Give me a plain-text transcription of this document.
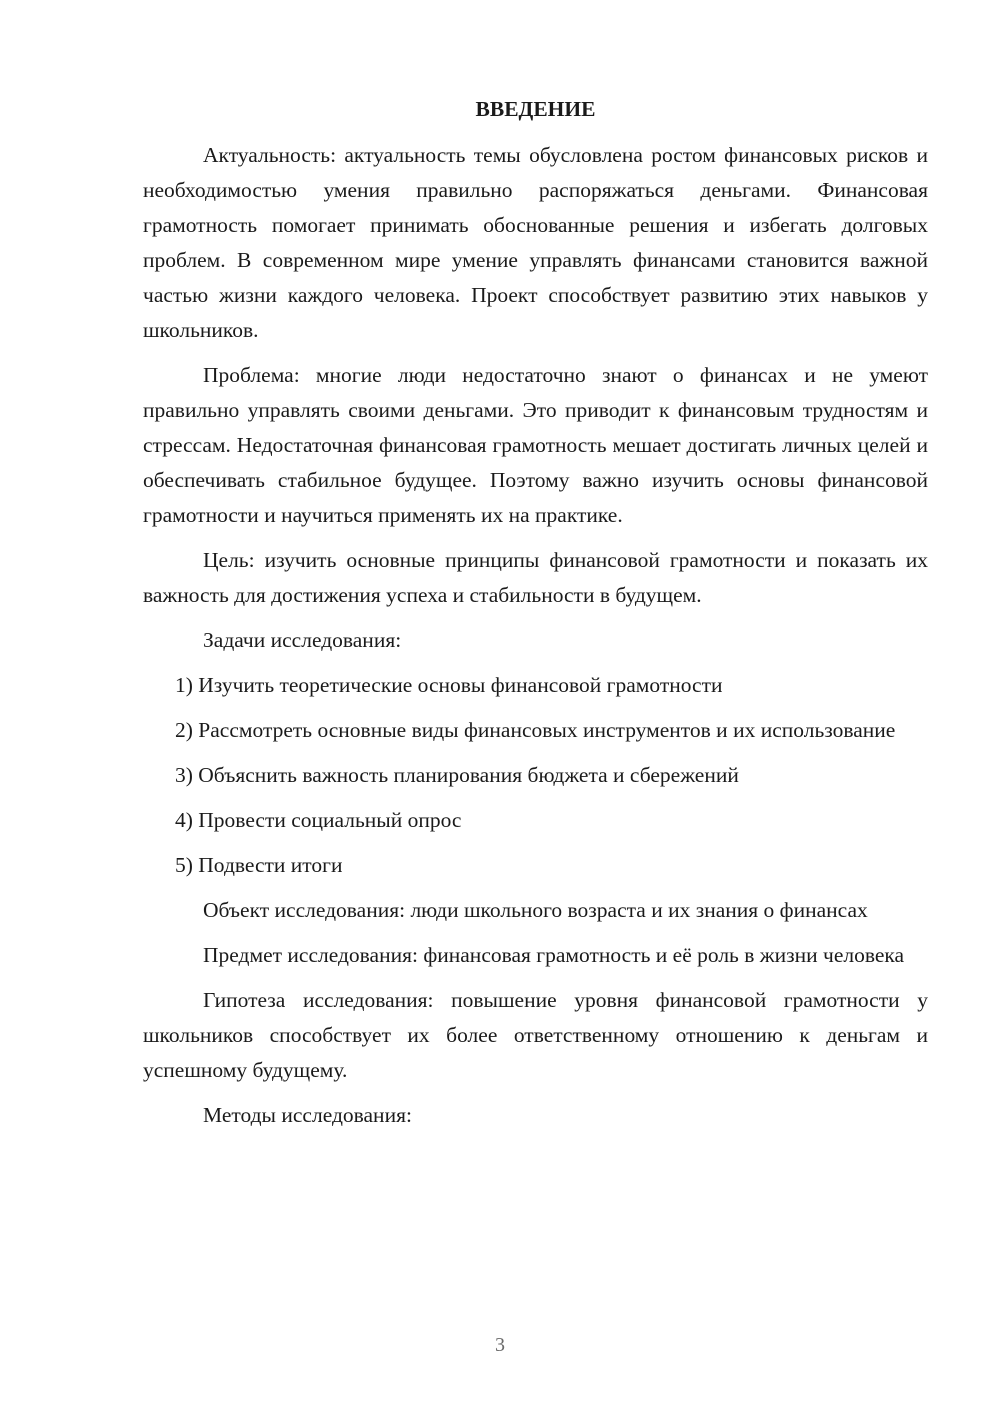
ВВЕДЕНИЕ

Актуальность: актуальность темы обусловлена ростом финансовых рисков и необходимостью умения правильно распоряжаться деньгами. Финансовая грамотность помогает принимать обоснованные решения и избегать долговых проблем. В современном мире умение управлять финансами становится важной частью жизни каждого человека. Проект способствует развитию этих навыков у школьников.

Проблема: многие люди недостаточно знают о финансах и не умеют правильно управлять своими деньгами. Это приводит к финансовым трудностям и стрессам. Недостаточная финансовая грамотность мешает достигать личных целей и обеспечивать стабильное будущее. Поэтому важно изучить основы финансовой грамотности и научиться применять их на практике.

Цель: изучить основные принципы финансовой грамотности и показать их важность для достижения успеха и стабильности в будущем.

Задачи исследования:

1) Изучить теоретические основы финансовой грамотности

2) Рассмотреть основные виды финансовых инструментов и их использование

3) Объяснить важность планирования бюджета и сбережений

4) Провести социальный опрос

5) Подвести итоги

Объект исследования: люди школьного возраста и их знания о финансах

Предмет исследования: финансовая грамотность и её роль в жизни человека

Гипотеза исследования: повышение уровня финансовой грамотности у школьников способствует их более ответственному отношению к деньгам и успешному будущему.

Методы исследования:

3
